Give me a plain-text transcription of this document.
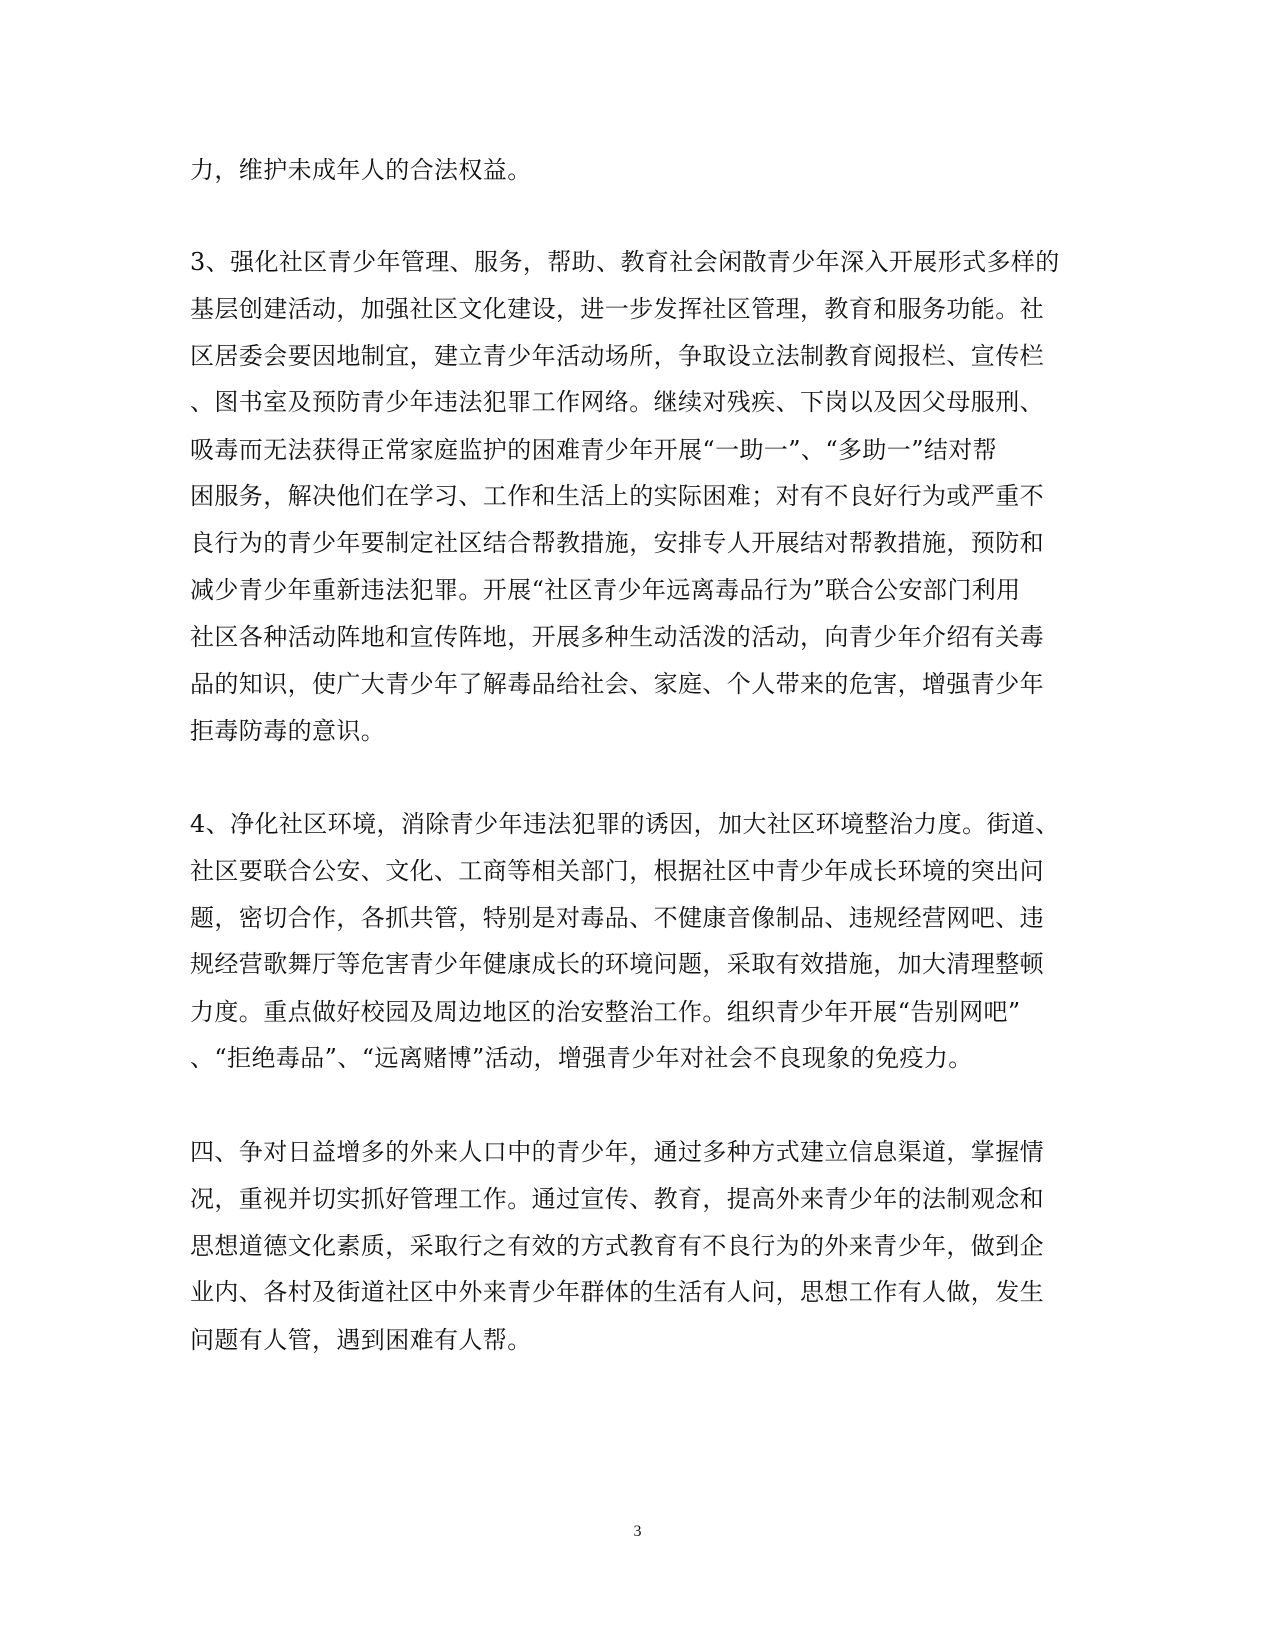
力，维护未成年人的合法权益。
3、强化社区青少年管理、服务，帮助、教育社会闲散青少年深入开展形式多样的
基层创建活动，加强社区文化建设，进一步发挥社区管理，教育和服务功能。社
区居委会要因地制宜，建立青少年活动场所，争取设立法制教育阅报栏、宣传栏
、图书室及预防青少年违法犯罪工作网络。继续对残疾、下岗以及因父母服刑、
吸毒而无法获得正常家庭监护的困难青少年开展“一助一”、“多助一”结对帮
困服务，解决他们在学习、工作和生活上的实际困难；对有不良好行为或严重不
良行为的青少年要制定社区结合帮教措施，安排专人开展结对帮教措施，预防和
减少青少年重新违法犯罪。开展“社区青少年远离毒品行为”联合公安部门利用
社区各种活动阵地和宣传阵地，开展多种生动活泼的活动，向青少年介绍有关毒
品的知识，使广大青少年了解毒品给社会、家庭、个人带来的危害，增强青少年
拒毒防毒的意识。
4、净化社区环境，消除青少年违法犯罪的诱因，加大社区环境整治力度。街道、
社区要联合公安、文化、工商等相关部门，根据社区中青少年成长环境的突出问
题，密切合作，各抓共管，特别是对毒品、不健康音像制品、违规经营网吧、违
规经营歌舞厅等危害青少年健康成长的环境问题，采取有效措施，加大清理整顿
力度。重点做好校园及周边地区的治安整治工作。组织青少年开展“告别网吧”
、“拒绝毒品”、“远离赌博”活动，增强青少年对社会不良现象的免疫力。
四、争对日益增多的外来人口中的青少年，通过多种方式建立信息渠道，掌握情
况，重视并切实抓好管理工作。通过宣传、教育，提高外来青少年的法制观念和
思想道德文化素质，采取行之有效的方式教育有不良行为的外来青少年，做到企
业内、各村及街道社区中外来青少年群体的生活有人问，思想工作有人做，发生
问题有人管，遇到困难有人帮。
3
